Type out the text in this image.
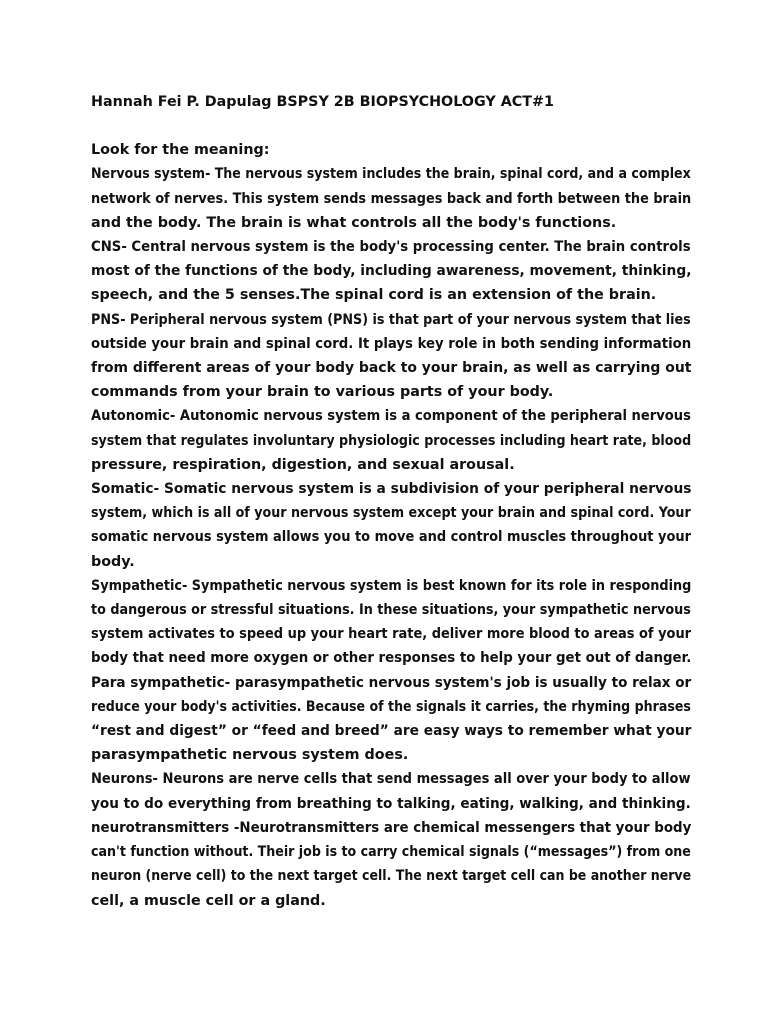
Hannah Fei P. Dapulag BSPSY 2B BIOPSYCHOLOGY ACT#1

Look for the meaning:

Nervous system- The nervous system includes the brain, spinal cord, and a complex

network of nerves. This system sends messages back and forth between the brain

and the body. The brain is what controls all the body's functions.

CNS- Central nervous system is the body's processing center. The brain controls

most of the functions of the body, including awareness, movement, thinking,

speech, and the 5 senses.The spinal cord is an extension of the brain.

PNS- Peripheral nervous system (PNS) is that part of your nervous system that lies

outside your brain and spinal cord. It plays key role in both sending information

from different areas of your body back to your brain, as well as carrying out

commands from your brain to various parts of your body.

Autonomic- Autonomic nervous system is a component of the peripheral nervous

system that regulates involuntary physiologic processes including heart rate, blood

pressure, respiration, digestion, and sexual arousal.

Somatic- Somatic nervous system is a subdivision of your peripheral nervous

system, which is all of your nervous system except your brain and spinal cord. Your

somatic nervous system allows you to move and control muscles throughout your

body.

Sympathetic- Sympathetic nervous system is best known for its role in responding

to dangerous or stressful situations. In these situations, your sympathetic nervous

system activates to speed up your heart rate, deliver more blood to areas of your

body that need more oxygen or other responses to help your get out of danger.

Para sympathetic- parasympathetic nervous system's job is usually to relax or

reduce your body's activities. Because of the signals it carries, the rhyming phrases

“rest and digest” or “feed and breed” are easy ways to remember what your

parasympathetic nervous system does.

Neurons- Neurons are nerve cells that send messages all over your body to allow

you to do everything from breathing to talking, eating, walking, and thinking.

neurotransmitters -Neurotransmitters are chemical messengers that your body

can't function without. Their job is to carry chemical signals (“messages”) from one

neuron (nerve cell) to the next target cell. The next target cell can be another nerve

cell, a muscle cell or a gland.
